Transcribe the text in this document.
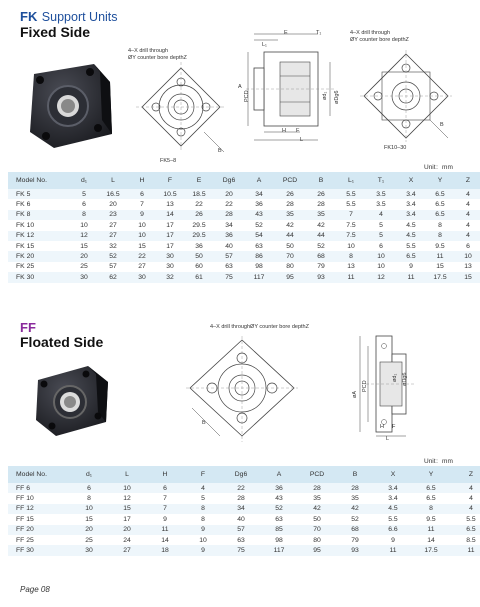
FK Support Units
Fixed Side
4–X drill through
ØY counter bore depthZ
B
FK5–8
E	T₁
L₁
A
PCD	ød₁ øDg6
H F
L
4–X drill through
ØY counter bore depthZ
B
FK10–30
Unit：mm
Model No.	d₁	L	H	F	E	Dg6	A	PCD	B	L₁	T₁	X	Y	Z
FK 5	5	16.5	6	10.5	18.5	20	34	26	26	5.5	3.5	3.4	6.5	4
FK 6	6	20	7	13	22	22	36	28	28	5.5	3.5	3.4	6.5	4
FK 8	8	23	9	14	26	28	43	35	35	7	4	3.4	6.5	4
FK 10	10	27	10	17	29.5	34	52	42	42	7.5	5	4.5	8	4
FK 12	12	27	10	17	29.5	36	54	44	44	7.5	5	4.5	8	4
FK 15	15	32	15	17	36	40	63	50	52	10	6	5.5	9.5	6
FK 20	20	52	22	30	50	57	86	70	68	8	10	6.5	11	10
FK 25	25	57	27	30	60	63	98	80	79	13	10	9	15	13
FK 30	30	62	30	32	61	75	117	95	93	11	12	11	17.5	15
FF
Floated Side
4–X drill throughØY counter bore depthZ
B
øA
PCD
ød₁ øDg6
H F
L
Unit：mm
Model No.	d₁	L	H	F	Dg6	A	PCD	B	X	Y	Z
FF 6	6	10	6	4	22	36	28	28	3.4	6.5	4
FF 10	8	12	7	5	28	43	35	35	3.4	6.5	4
FF 12	10	15	7	8	34	52	42	42	4.5	8	4
FF 15	15	17	9	8	40	63	50	52	5.5	9.5	5.5
FF 20	20	20	11	9	57	85	70	68	6.6	11	6.5
FF 25	25	24	14	10	63	98	80	79	9	14	8.5
FF 30	30	27	18	9	75	117	95	93	11	17.5	11
Page 08
